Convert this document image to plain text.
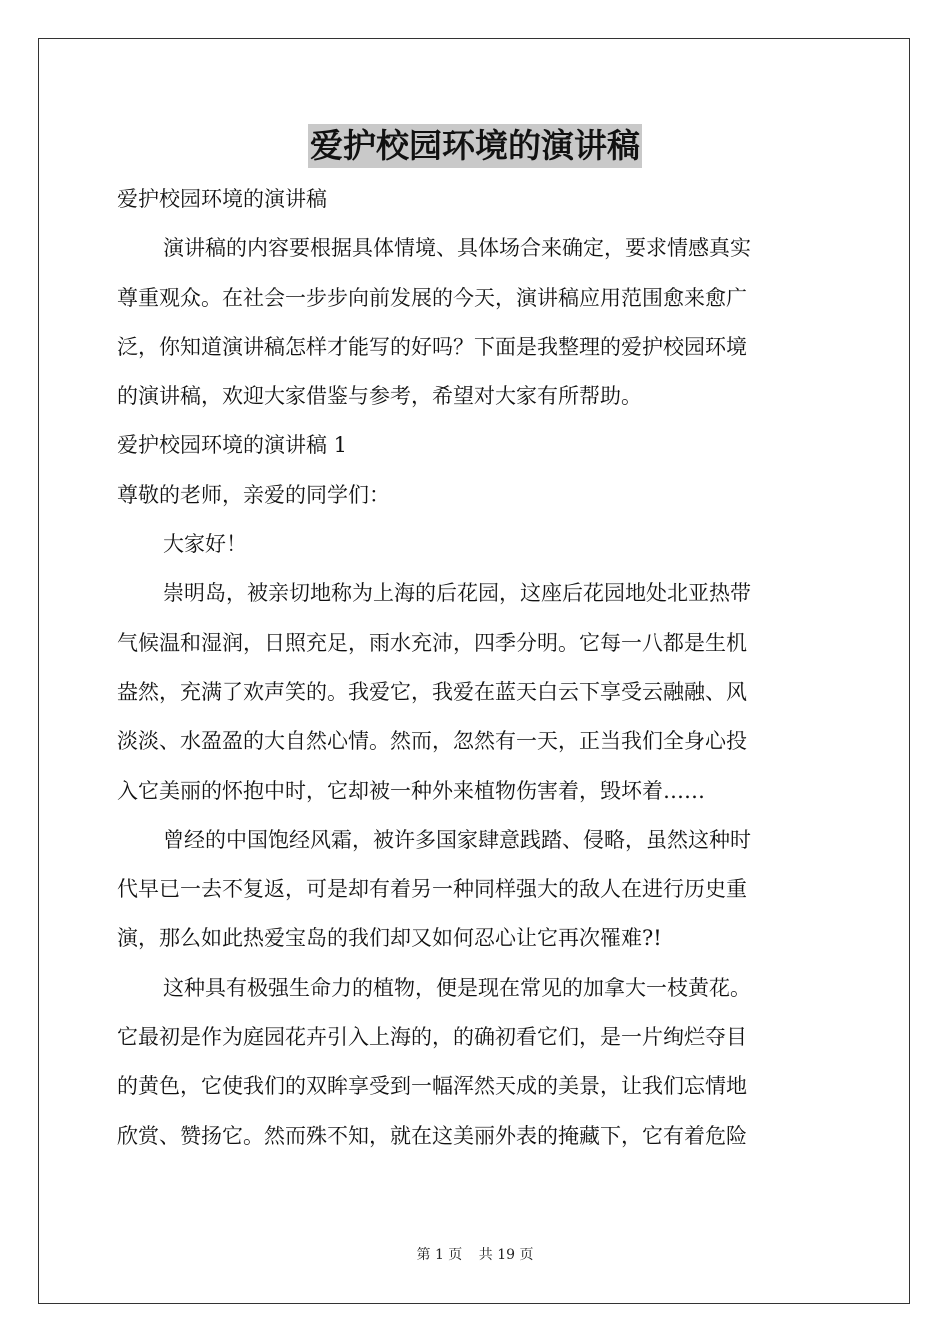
爱护校园环境的演讲稿
爱护校园环境的演讲稿
演讲稿的内容要根据具体情境、具体场合来确定，要求情感真实
尊重观众。在社会一步步向前发展的今天，演讲稿应用范围愈来愈广
泛，你知道演讲稿怎样才能写的好吗？下面是我整理的爱护校园环境
的演讲稿，欢迎大家借鉴与参考，希望对大家有所帮助。
爱护校园环境的演讲稿 1
尊敬的老师，亲爱的同学们：
大家好！
崇明岛，被亲切地称为上海的后花园，这座后花园地处北亚热带
气候温和湿润，日照充足，雨水充沛，四季分明。它每一八都是生机
盎然，充满了欢声笑的。我爱它，我爱在蓝天白云下享受云融融、风
淡淡、水盈盈的大自然心情。然而，忽然有一天，正当我们全身心投
入它美丽的怀抱中时，它却被一种外来植物伤害着，毁坏着……
曾经的中国饱经风霜，被许多国家肆意践踏、侵略，虽然这种时
代早已一去不复返，可是却有着另一种同样强大的敌人在进行历史重
演，那么如此热爱宝岛的我们却又如何忍心让它再次罹难?!
这种具有极强生命力的植物，便是现在常见的加拿大一枝黄花。
它最初是作为庭园花卉引入上海的，的确初看它们，是一片绚烂夺目
的黄色，它使我们的双眸享受到一幅浑然天成的美景，让我们忘情地
欣赏、赞扬它。然而殊不知，就在这美丽外表的掩藏下，它有着危险
第 1 页 共 19 页
